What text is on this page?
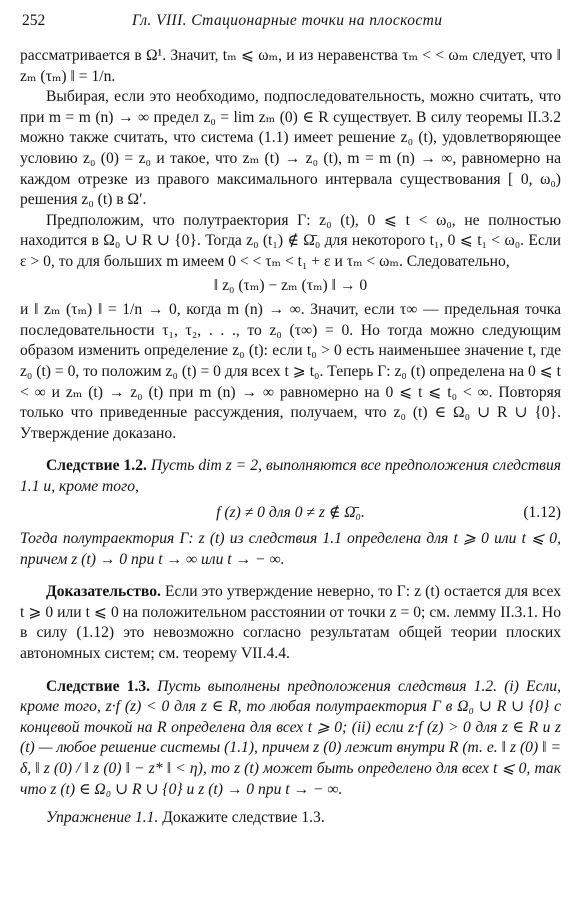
252	Гл. VIII. Стационарные точки на плоскости

рассматривается в Ω¹. Значит, tₘ ⩽ ωₘ, и из неравенства τₘ < < ωₘ следует, что ‖ zₘ (τₘ) ‖ = 1/n.

Выбирая, если это необходимо, подпоследовательность, можно считать, что при m = m (n) → ∞ предел z₀ = lim zₘ (0) ∈ R существует. В силу теоремы II.3.2 можно также считать, что система (1.1) имеет решение z₀ (t), удовлетворяющее условию z₀ (0) = z₀ и такое, что zₘ (t) → z₀ (t), m = m (n) → ∞, равномерно на каждом отрезке из правого максимального интервала существования [ 0, ω₀) решения z₀ (t) в Ω′.

Предположим, что полутраектория Γ: z₀ (t), 0 ⩽ t < ω₀, не полностью находится в Ω₀ ∪ R ∪ {0}. Тогда z₀ (t₁) ∉ Ω̄₀ для некоторого t₁, 0 ⩽ t₁ < ω₀. Если ε > 0, то для больших m имеем 0 < < τₘ < t₁ + ε и τₘ < ωₘ. Следовательно,

‖ z₀ (τₘ) − zₘ (τₘ) ‖ → 0

и ‖ zₘ (τₘ) ‖ = 1/n → 0, когда m (n) → ∞. Значит, если τ∞ — предельная точка последовательности τ₁, τ₂, . . ., то z₀ (τ∞) = 0. Но тогда можно следующим образом изменить определение z₀ (t): если t₀ > 0 есть наименьшее значение t, где z₀ (t) = 0, то положим z₀ (t) = 0 для всех t ⩾ t₀. Теперь Γ: z₀ (t) определена на 0 ⩽ t < ∞ и zₘ (t) → z₀ (t) при m (n) → ∞ равномерно на 0 ⩽ t ⩽ t₀ < ∞. Повторяя только что приведенные рассуждения, получаем, что z₀ (t) ∈ Ω₀ ∪ R ∪ {0}. Утверждение доказано.

Следствие 1.2. Пусть dim z = 2, выполняются все предположения следствия 1.1 и, кроме того,

f (z) ≠ 0 для 0 ≠ z ∉ Ω̄₀.	(1.12)

Тогда полутраектория Γ: z (t) из следствия 1.1 определена для t ⩾ 0 или t ⩽ 0, причем z (t) → 0 при t → ∞ или t → − ∞.

Доказательство. Если это утверждение неверно, то Γ: z (t) остается для всех t ⩾ 0 или t ⩽ 0 на положительном расстоянии от точки z = 0; см. лемму II.3.1. Но в силу (1.12) это невозможно согласно результатам общей теории плоских автономных систем; см. теорему VII.4.4.

Следствие 1.3. Пусть выполнены предположения следствия 1.2. (i) Если, кроме того, z·f (z) < 0 для z ∈ R, то любая полутраектория Γ в Ω₀ ∪ R ∪ {0} с концевой точкой на R определена для всех t ⩾ 0; (ii) если z·f (z) > 0 для z ∈ R и z (t) — любое решение системы (1.1), причем z (0) лежит внутри R (т. е. ‖ z (0) ‖ = δ, ‖ z (0) / ‖ z (0) ‖ − z* ‖ < η), то z (t) может быть определено для всех t ⩽ 0, так что z (t) ∈ Ω₀ ∪ R ∪ {0} и z (t) → 0 при t → − ∞.

Упражнение 1.1. Докажите следствие 1.3.
